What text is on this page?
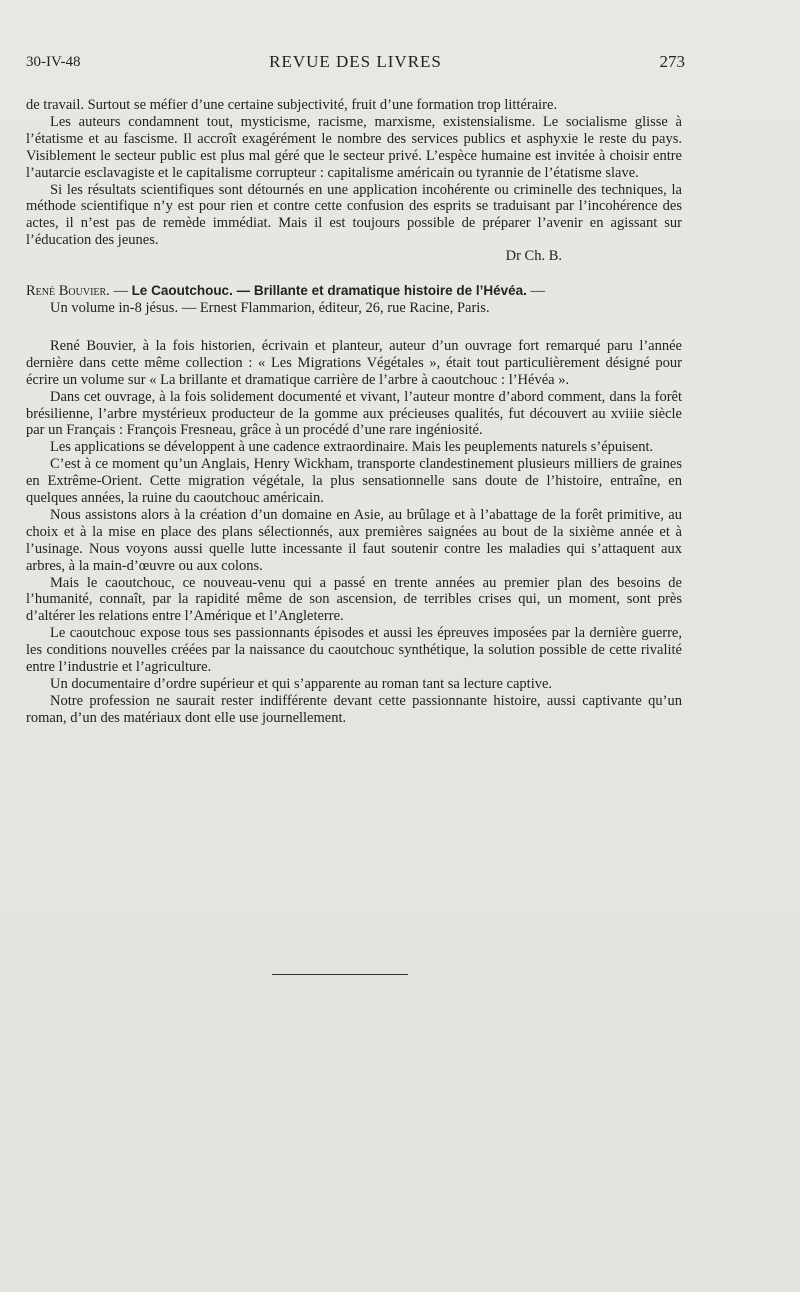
30-IV-48	REVUE DES LIVRES	273

de travail. Surtout se méfier d’une certaine subjectivité, fruit d’une formation trop littéraire.

Les auteurs condamnent tout, mysticisme, racisme, marxisme, existensialisme. Le socialisme glisse à l’étatisme et au fascisme. Il accroît exagérément le nombre des services publics et asphyxie le reste du pays. Visiblement le secteur public est plus mal géré que le secteur privé. L’espèce humaine est invitée à choisir entre l’autarcie esclavagiste et le capitalisme corrupteur : capitalisme américain ou tyrannie de l’étatisme slave.

Si les résultats scientifiques sont détournés en une application incohérente ou criminelle des techniques, la méthode scientifique n’y est pour rien et contre cette confusion des esprits se traduisant par l’incohérence des actes, il n’est pas de remède immédiat. Mais il est toujours possible de préparer l’avenir en agissant sur l’éducation des jeunes.

Dr Ch. B.

René Bouvier. — Le Caoutchouc. — Brillante et dramatique histoire de l’Hévéa. —
Un volume in-8 jésus. — Ernest Flammarion, éditeur, 26, rue Racine, Paris.

René Bouvier, à la fois historien, écrivain et planteur, auteur d’un ouvrage fort remarqué paru l’année dernière dans cette même collection : « Les Migrations Végétales », était tout particulièrement désigné pour écrire un volume sur « La brillante et dramatique carrière de l’arbre à caoutchouc : l’Hévéa ».

Dans cet ouvrage, à la fois solidement documenté et vivant, l’auteur montre d’abord comment, dans la forêt brésilienne, l’arbre mystérieux producteur de la gomme aux précieuses qualités, fut découvert au xviiie siècle par un Français : François Fresneau, grâce à un procédé d’une rare ingéniosité.

Les applications se développent à une cadence extraordinaire. Mais les peuplements naturels s’épuisent.

C’est à ce moment qu’un Anglais, Henry Wickham, transporte clandestinement plusieurs milliers de graines en Extrême-Orient. Cette migration végétale, la plus sensationnelle sans doute de l’histoire, entraîne, en quelques années, la ruine du caoutchouc américain.

Nous assistons alors à la création d’un domaine en Asie, au brûlage et à l’abattage de la forêt primitive, au choix et à la mise en place des plans sélectionnés, aux premières saignées au bout de la sixième année et à l’usinage. Nous voyons aussi quelle lutte incessante il faut soutenir contre les maladies qui s’attaquent aux arbres, à la main-d’œuvre ou aux colons.

Mais le caoutchouc, ce nouveau-venu qui a passé en trente années au premier plan des besoins de l’humanité, connaît, par la rapidité même de son ascension, de terribles crises qui, un moment, sont près d’altérer les relations entre l’Amérique et l’Angleterre.

Le caoutchouc expose tous ses passionnants épisodes et aussi les épreuves imposées par la dernière guerre, les conditions nouvelles créées par la naissance du caoutchouc synthétique, la solution possible de cette rivalité entre l’industrie et l’agriculture.

Un documentaire d’ordre supérieur et qui s’apparente au roman tant sa lecture captive.

Notre profession ne saurait rester indifférente devant cette passionnante histoire, aussi captivante qu’un roman, d’un des matériaux dont elle use journellement.
